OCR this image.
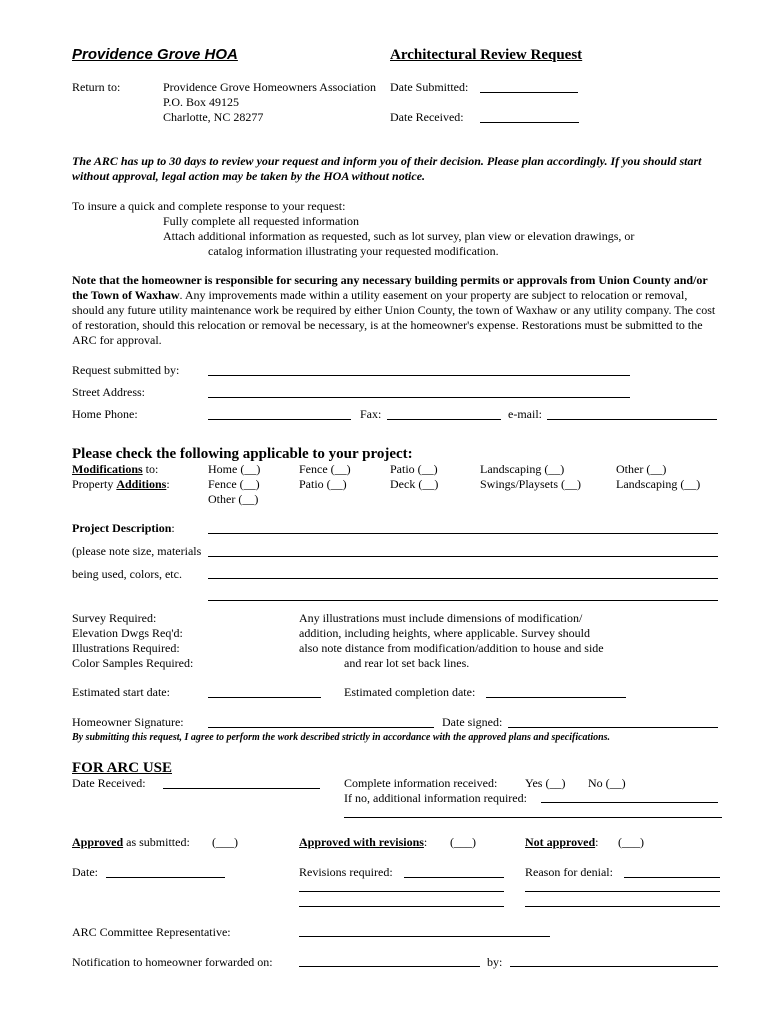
Providence Grove HOA	Architectural Review Request
Return to:	Providence Grove Homeowners Association
P.O. Box 49125
Charlotte, NC 28277
Date Submitted:
Date Received:
The ARC has up to 30 days to review your request and inform you of their decision. Please plan accordingly. If you should start without approval, legal action may be taken by the HOA without notice.
To insure a quick and complete response to your request:
Fully complete all requested information
Attach additional information as requested, such as lot survey, plan view or elevation drawings, or
catalog information illustrating your requested modification.
Note that the homeowner is responsible for securing any necessary building permits or approvals from Union County and/or the Town of Waxhaw. Any improvements made within a utility easement on your property are subject to relocation or removal, should any future utility maintenance work be required by either Union County, the town of Waxhaw or any utility company. The cost of restoration, should this relocation or removal be necessary, is at the homeowner's expense. Restorations must be submitted to the ARC for approval.
Request submitted by:
Street Address:
Home Phone:	Fax:	e-mail:
Please check the following applicable to your project:
Modifications to:
Property Additions:
Home (__)	Fence (__)	Patio (__)	Landscaping (__)	Other (__)
Fence (__)	Patio (__)	Deck (__)	Swings/Playsets (__)	Landscaping (__)
Other (__)
Project Description:
(please note size, materials
being used, colors, etc.
Survey Required:
Elevation Dwgs Req'd:
Illustrations Required:
Color Samples Required:
Any illustrations must include dimensions of modification/
addition, including heights, where applicable. Survey should
also note distance from modification/addition to house and side
and rear lot set back lines.
Estimated start date:	Estimated completion date:
Homeowner Signature:	Date signed:
By submitting this request, I agree to perform the work described strictly in accordance with the approved plans and specifications.
FOR ARC USE
Date Received:	Complete information received: Yes (__) No (__)
If no, additional information required:
Approved as submitted: (___)	Approved with revisions: (___)	Not approved: (___)
Date:	Revisions required:	Reason for denial:
ARC Committee Representative:
Notification to homeowner forwarded on:	by:
